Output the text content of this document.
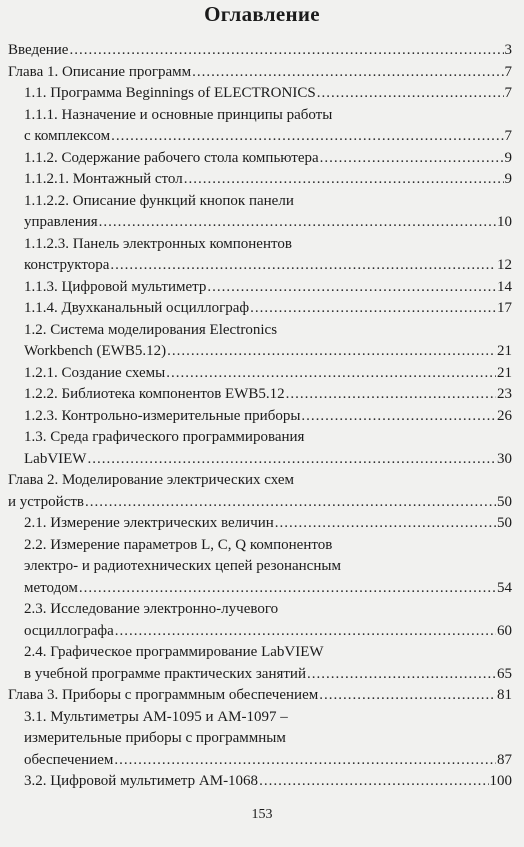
Оглавление
Введение .....	3
Глава 1. Описание программ .....	7
1.1. Программа Beginnings of ELECTRONICS .....	7
1.1.1. Назначение и основные принципы работы
с комплексом .....	7
1.1.2. Содержание рабочего стола компьютера .....	9
1.1.2.1. Монтажный стол .....	9
1.1.2.2. Описание функций кнопок панели
управления .....	10
1.1.2.3. Панель электронных компонентов
конструктора .....	12
1.1.3. Цифровой мультиметр .....	14
1.1.4. Двухканальный осциллограф .....	17
1.2. Система моделирования Electronics
Workbench (EWB5.12) .....	21
1.2.1. Создание схемы .....	21
1.2.2. Библиотека компонентов EWB5.12 .....	23
1.2.3. Контрольно-измерительные приборы .....	26
1.3. Среда графического программирования
LabVIEW .....	30
Глава 2. Моделирование электрических схем
и устройств .....	50
2.1. Измерение электрических величин .....	50
2.2. Измерение параметров L, C, Q компонентов
электро- и радиотехнических цепей резонансным
методом .....	54
2.3. Исследование электронно-лучевого
осциллографа .....	60
2.4. Графическое программирование LabVIEW
в учебной программе практических занятий .....	65
Глава 3. Приборы с программным обеспечением .....	81
3.1. Мультиметры АМ-1095 и АМ-1097 –
измерительные приборы с программным
обеспечением .....	87
3.2. Цифровой мультиметр АМ-1068 .....	100
153
